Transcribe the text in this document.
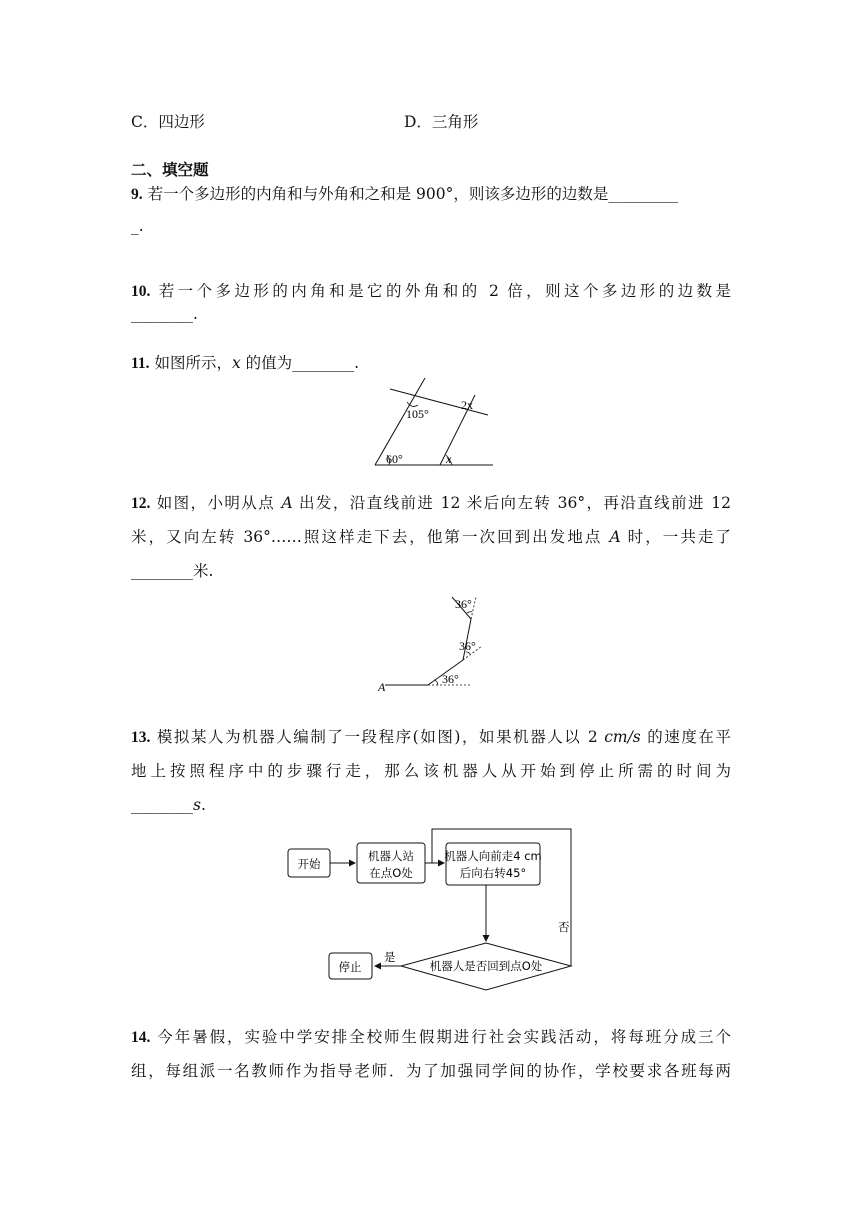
C．四边形	D．三角形
二、填空题
9. 若一个多边形的内角和与外角和之和是 900°，则该多边形的边数是_________
_.
10. 若一个多边形的内角和是它的外角和的 2 倍，则这个多边形的边数是
________.
11. 如图所示，x 的值为________.
105°
2x
60°	x
12. 如图，小明从点 A 出发，沿直线前进 12 米后向左转 36°，再沿直线前进 12
米，又向左转 36°……照这样走下去，他第一次回到出发地点 A 时，一共走了
________米.
A
36°
36°
36°
13. 模拟某人为机器人编制了一段程序(如图)，如果机器人以 2 cm/s 的速度在平
地上按照程序中的步骤行走，那么该机器人从开始到停止所需的时间为
________s.
开始
机器人站
在点O处
机器人向前走4 cm
后向右转45°
机器人是否回到点O处
否
是
停止
14. 今年暑假，实验中学安排全校师生假期进行社会实践活动，将每班分成三个
组，每组派一名教师作为指导老师．为了加强同学间的协作，学校要求各班每两
